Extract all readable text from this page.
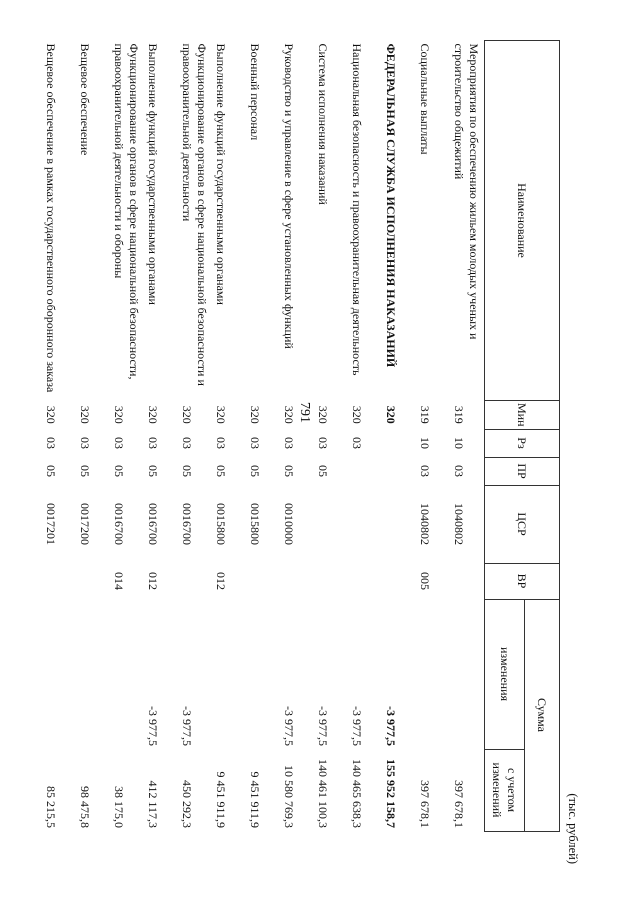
791
(тыс. рублей)
Наименование	Мин	Рз	ПР	ЦСР	ВР	Сумма	
						изменения	с учетом изменений
Мероприятия по обеспечению жильем молодых ученых и строительство общежитий	319	10	03	1040802			397 678,1
Социальные выплаты	319	10	03	1040802	005		397 678,1
ФЕДЕРАЛЬНАЯ СЛУЖБА ИСПОЛНЕНИЯ НАКАЗАНИЙ	320					-3 977,5	155 952 158,7
Национальная безопасность и правоохранительная деятельность	320	03				-3 977,5	140 465 638,3
Система исполнения наказаний	320	03	05			-3 977,5	140 461 100,3
Руководство и управление в сфере установленных функций	320	03	05	0010000		-3 977,5	10 580 769,3
Военный персонал	320	03	05	0015800			9 451 911,9
Выполнение функций государственными органами	320	03	05	0015800	012		9 451 911,9
Функционирование органов в сфере национальной безопасности и правоохранительной деятельности	320	03	05	0016700		-3 977,5	450 292,3
Выполнение функций государственными органами	320	03	05	0016700	012	-3 977,5	412 117,3
Функционирование органов в сфере национальной безопасности, правоохранительной деятельности и обороны	320	03	05	0016700	014		38 175,0
Вещевое обеспечение	320	03	05	0017200			98 475,8
Вещевое обеспечение в рамках государственного оборонного заказа	320	03	05	0017201			85 215,5
